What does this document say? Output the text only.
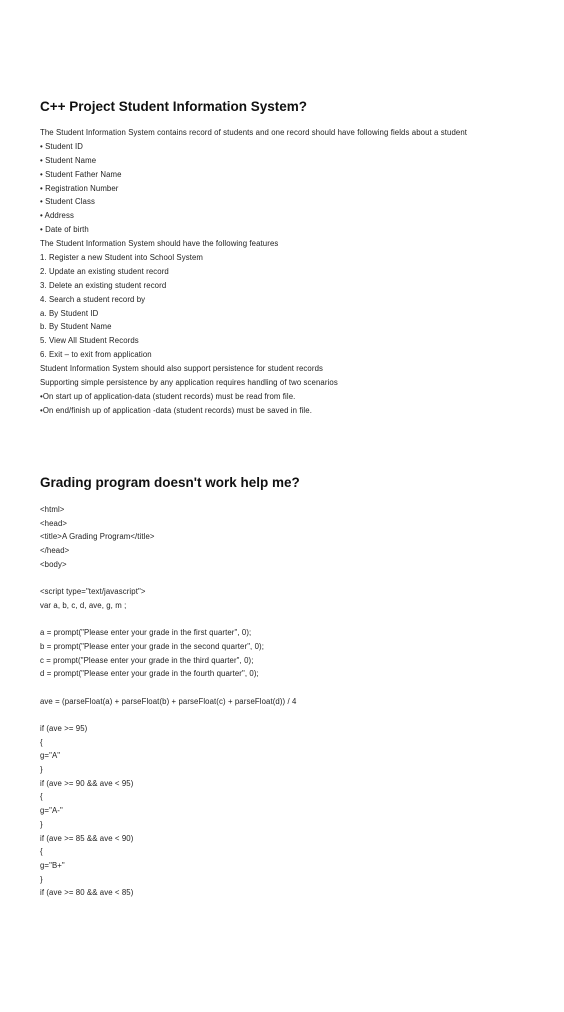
C++ Project Student Information System?
The Student Information System contains record of students and one record should have following fields about a student
• Student ID
• Student Name
• Student Father Name
• Registration Number
• Student Class
• Address
• Date of birth
The Student Information System should have the following features
1. Register a new Student into School System
2. Update an existing student record
3. Delete an existing student record
4. Search a student record by
a. By Student ID
b. By Student Name
5. View All Student Records
6. Exit – to exit from application
Student Information System should also support persistence for student records
Supporting simple persistence by any application requires handling of two scenarios
•On start up of application-data (student records) must be read from file.
•On end/finish up of application -data (student records) must be saved in file.
Grading program doesn't work help me?
<html>
<head>
<title>A Grading Program</title>
</head>
<body>
<script type="text/javascript">
var a, b, c, d, ave, g, m ;
a = prompt("Please enter your grade in the first quarter", 0);
b = prompt("Please enter your grade in the second quarter", 0);
c = prompt("Please enter your grade in the third quarter", 0);
d = prompt("Please enter your grade in the fourth quarter", 0);
ave = (parseFloat(a) + parseFloat(b) + parseFloat(c) + parseFloat(d)) / 4
if (ave >= 95)
{
g="A"
}
if (ave >= 90 && ave < 95)
{
g="A-"
}
if (ave >= 85 && ave < 90)
{
g="B+"
}
if (ave >= 80 && ave < 85)
